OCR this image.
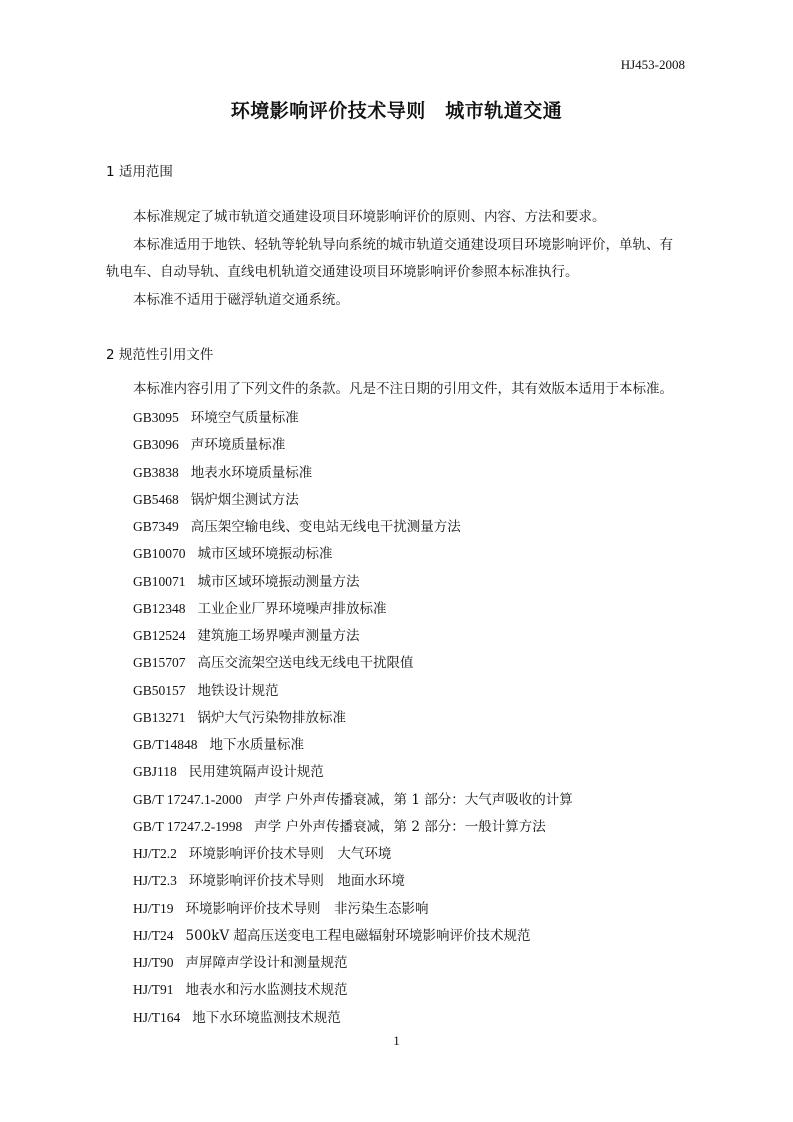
HJ453-2008
环境影响评价技术导则　城市轨道交通
1 适用范围

本标准规定了城市轨道交通建设项目环境影响评价的原则、内容、方法和要求。

本标准适用于地铁、轻轨等轮轨导向系统的城市轨道交通建设项目环境影响评价，单轨、有

轨电车、自动导轨、直线电机轨道交通建设项目环境影响评价参照本标准执行。

本标准不适用于磁浮轨道交通系统。

2 规范性引用文件

本标准内容引用了下列文件的条款。凡是不注日期的引用文件，其有效版本适用于本标准。

GB3095 环境空气质量标准
GB3096 声环境质量标准
GB3838 地表水环境质量标准
GB5468 锅炉烟尘测试方法
GB7349 高压架空输电线、变电站无线电干扰测量方法
GB10070 城市区域环境振动标准
GB10071 城市区域环境振动测量方法
GB12348 工业企业厂界环境噪声排放标准
GB12524 建筑施工场界噪声测量方法
GB15707 高压交流架空送电线无线电干扰限值
GB50157 地铁设计规范
GB13271 锅炉大气污染物排放标准
GB/T14848 地下水质量标准
GBJ118 民用建筑隔声设计规范
GB/T 17247.1-2000 声学 户外声传播衰减，第 1 部分：大气声吸收的计算
GB/T 17247.2-1998 声学 户外声传播衰减，第 2 部分：一般计算方法
HJ/T2.2 环境影响评价技术导则　大气环境
HJ/T2.3 环境影响评价技术导则　地面水环境
HJ/T19 环境影响评价技术导则　非污染生态影响
HJ/T24 500kV 超高压送变电工程电磁辐射环境影响评价技术规范
HJ/T90 声屏障声学设计和测量规范
HJ/T91 地表水和污水监测技术规范
HJ/T164 地下水环境监测技术规范
1
